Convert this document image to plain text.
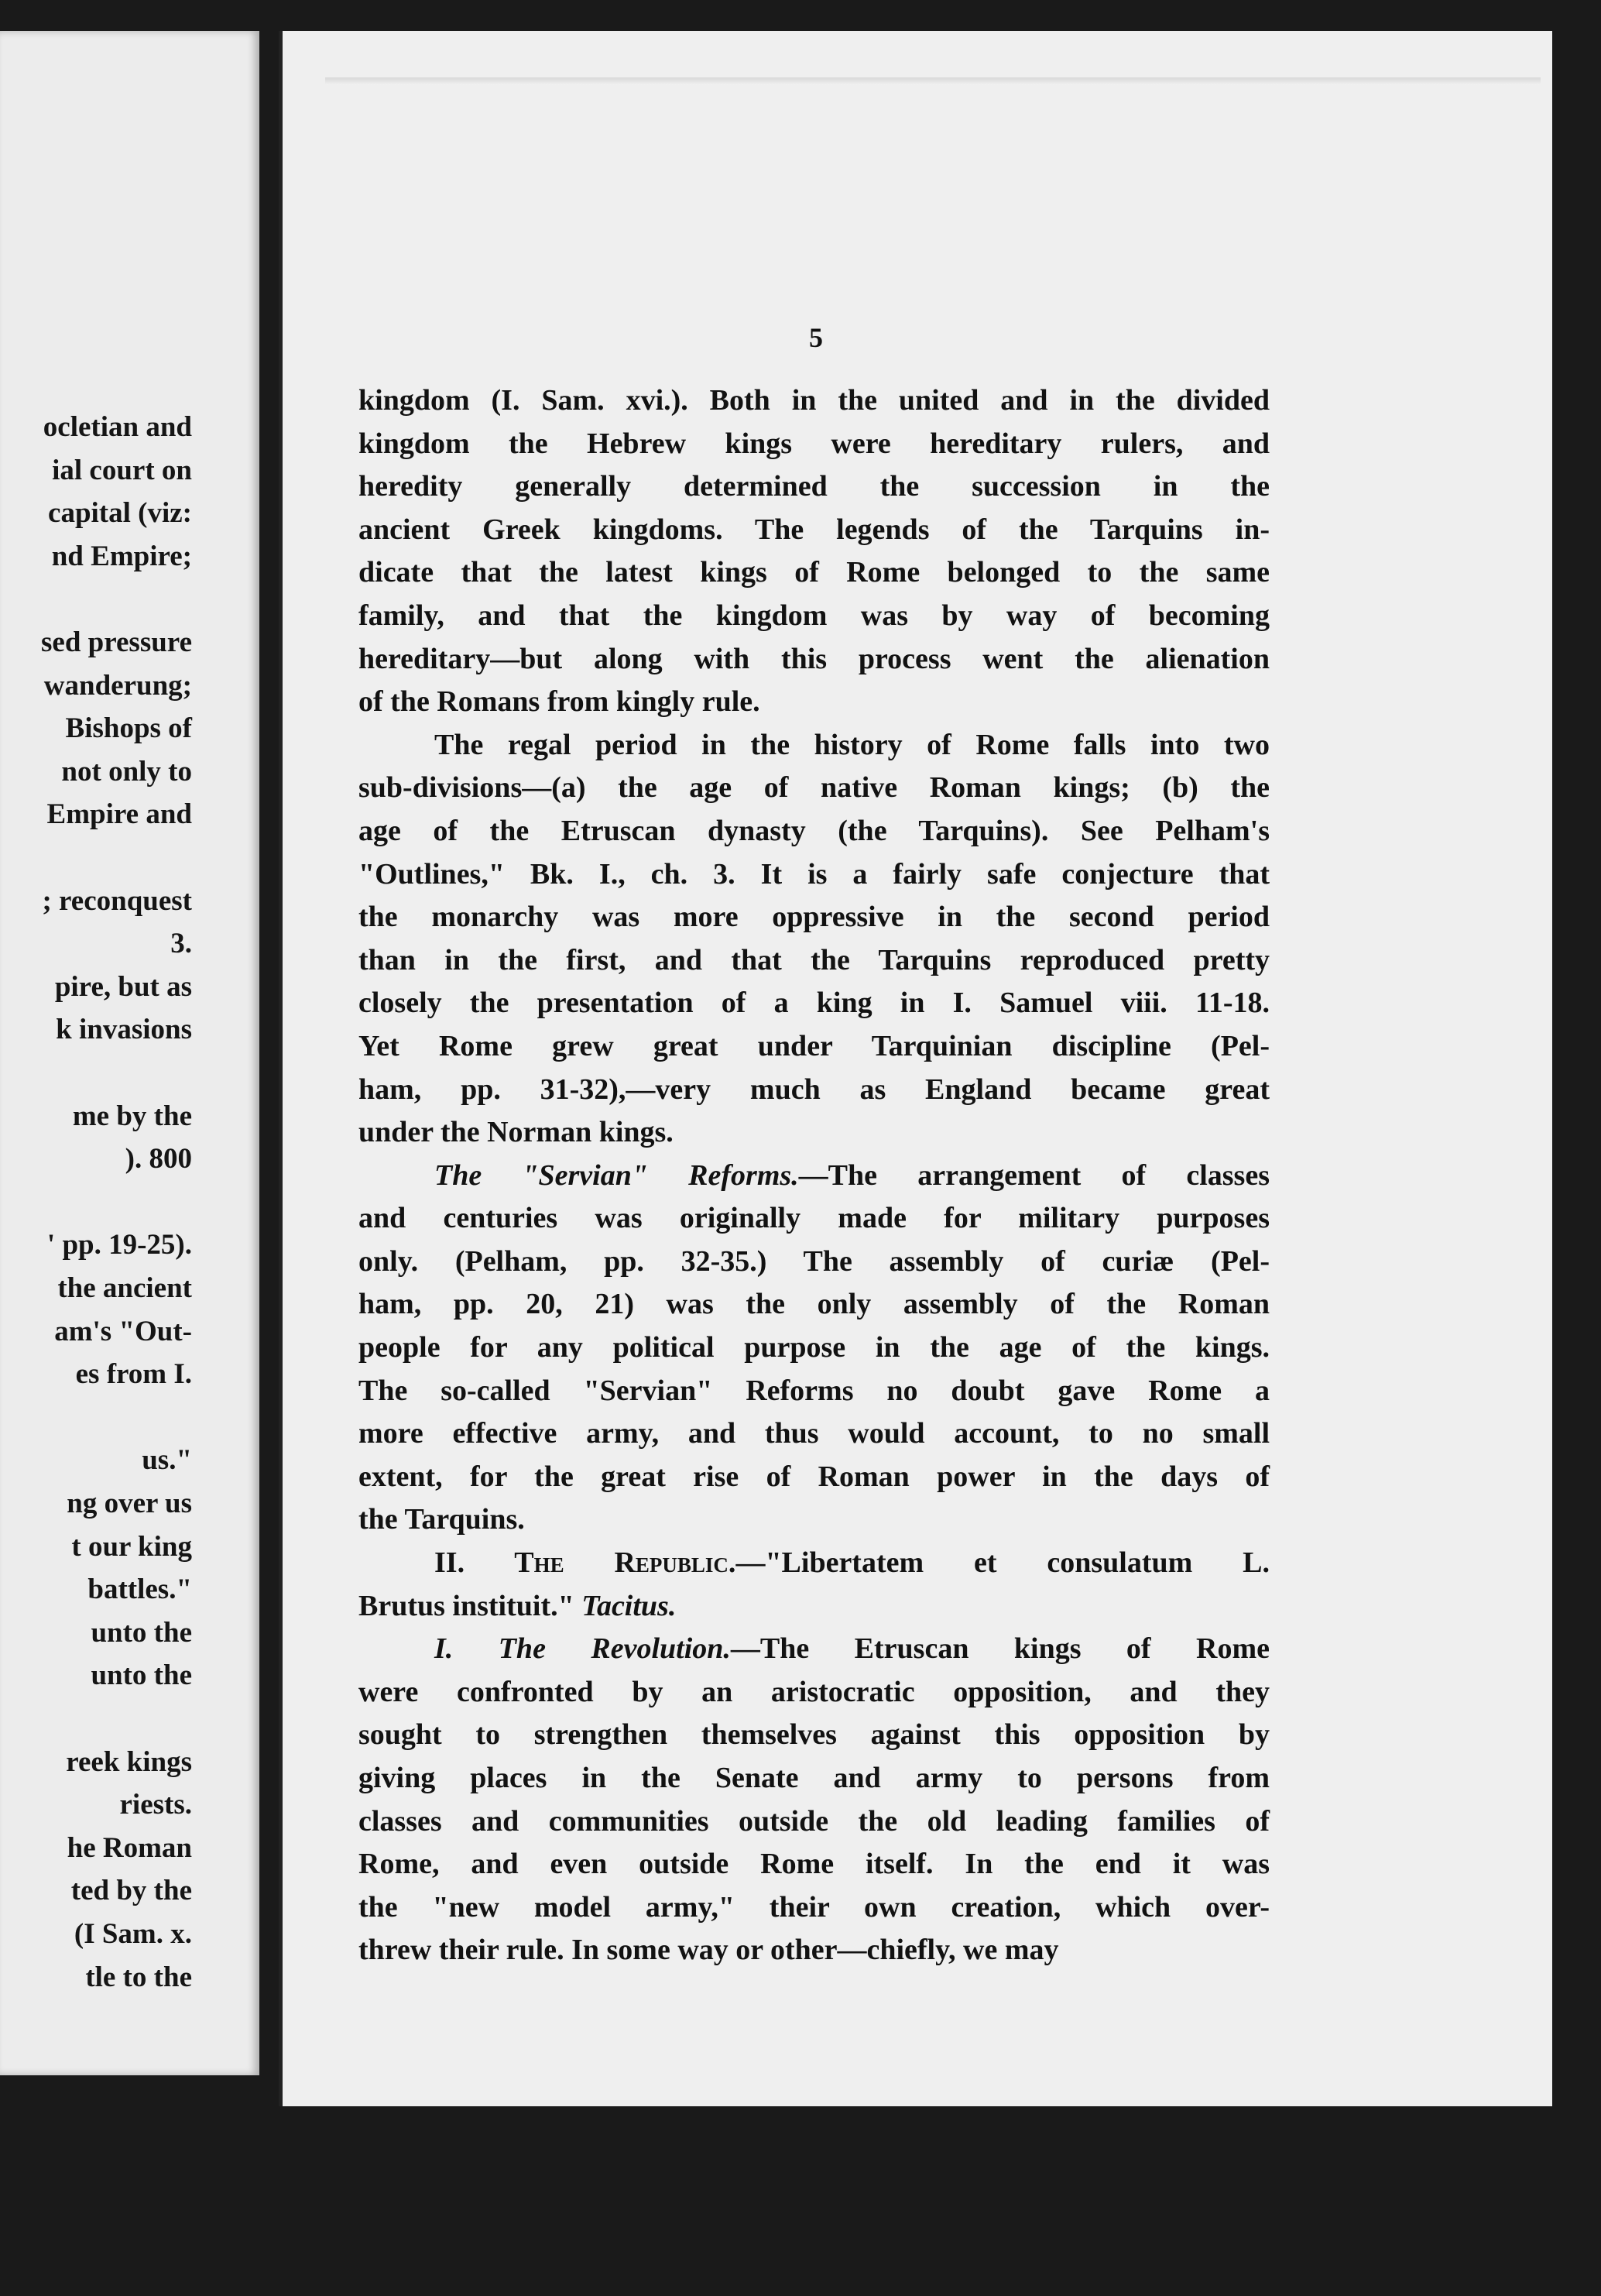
ocletian and
ial court on
capital (viz:
nd Empire;
sed pressure
wanderung;
Bishops of
not only to
Empire and
; reconquest
3.
pire, but as
k invasions
me by the
). 800
' pp. 19-25).
the ancient
am's "Out-
es from I.
us."
ng over us
t our king
battles."
unto the
unto the
reek kings
riests.
he Roman
ted by the
(I Sam. x.
tle to the
5
kingdom (I. Sam. xvi.). Both in the united and in the divided
kingdom the Hebrew kings were hereditary rulers, and
heredity generally determined the succession in the
ancient Greek kingdoms. The legends of the Tarquins in-
dicate that the latest kings of Rome belonged to the same
family, and that the kingdom was by way of becoming
hereditary—but along with this process went the alienation
of the Romans from kingly rule.
The regal period in the history of Rome falls into two
sub-divisions—(a) the age of native Roman kings; (b) the
age of the Etruscan dynasty (the Tarquins). See Pelham's
"Outlines," Bk. I., ch. 3. It is a fairly safe conjecture that
the monarchy was more oppressive in the second period
than in the first, and that the Tarquins reproduced pretty
closely the presentation of a king in I. Samuel viii. 11-18.
Yet Rome grew great under Tarquinian discipline (Pel-
ham, pp. 31-32),—very much as England became great
under the Norman kings.
The "Servian" Reforms.—The arrangement of classes
and centuries was originally made for military purposes
only. (Pelham, pp. 32-35.) The assembly of curiæ (Pel-
ham, pp. 20, 21) was the only assembly of the Roman
people for any political purpose in the age of the kings.
The so-called "Servian" Reforms no doubt gave Rome a
more effective army, and thus would account, to no small
extent, for the great rise of Roman power in the days of
the Tarquins.
II. The Republic.—"Libertatem et consulatum L.
Brutus instituit." Tacitus.
I. The Revolution.—The Etruscan kings of Rome
were confronted by an aristocratic opposition, and they
sought to strengthen themselves against this opposition by
giving places in the Senate and army to persons from
classes and communities outside the old leading families of
Rome, and even outside Rome itself. In the end it was
the "new model army," their own creation, which over-
threw their rule. In some way or other—chiefly, we may
